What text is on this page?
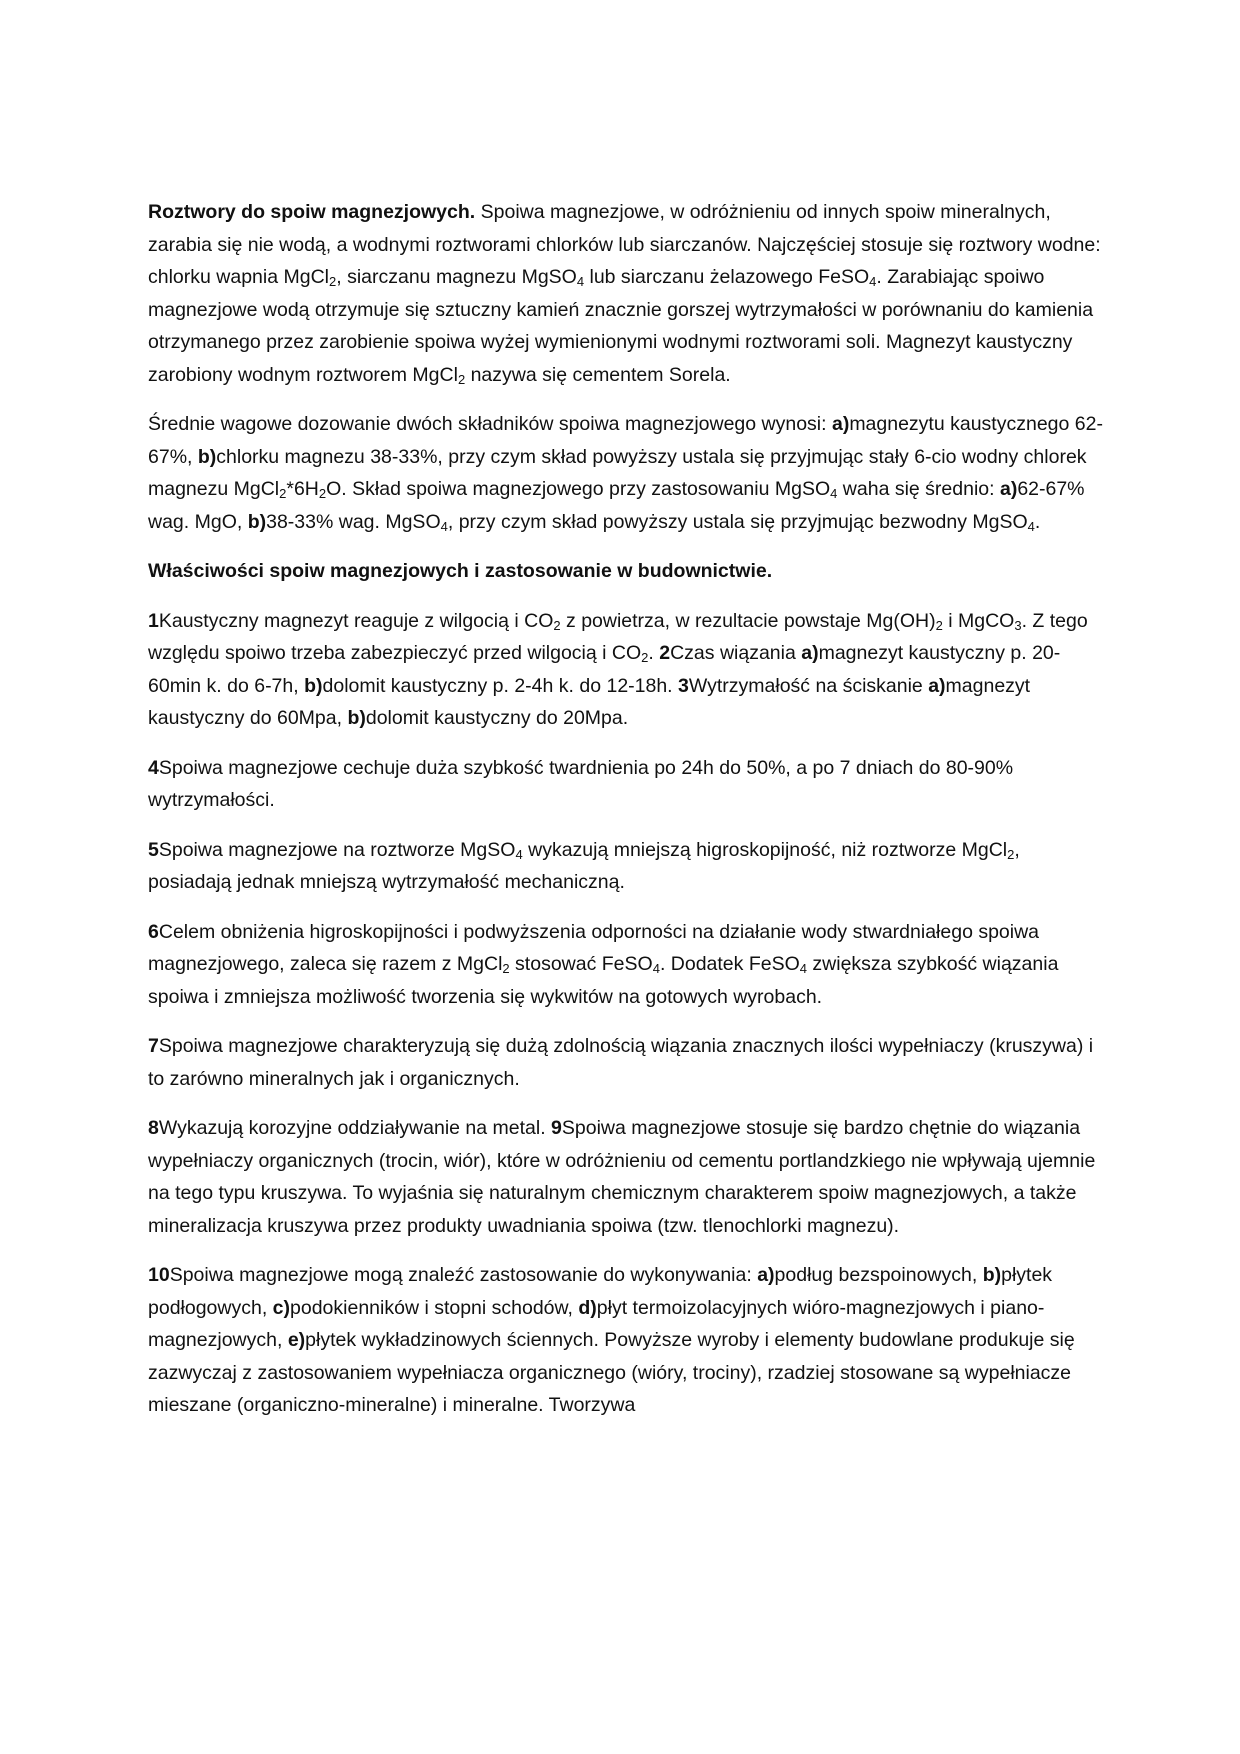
Roztwory do spoiw magnezjowych. Spoiwa magnezjowe, w odróżnieniu od innych spoiw mineralnych, zarabia się nie wodą, a wodnymi roztworami chlorków lub siarczanów. Najczęściej stosuje się roztwory wodne: chlorku wapnia MgCl$_2$, siarczanu magnezu MgSO$_4$ lub siarczanu żelazowego FeSO$_4$. Zarabiając spoiwo magnezjowe wodą otrzymuje się sztuczny kamień znacznie gorszej wytrzymałości w porównaniu do kamienia otrzymanego przez zarobienie spoiwa wyżej wymienionymi wodnymi roztworami soli. Magnezyt kaustyczny zarobiony wodnym roztworem MgCl$_2$ nazywa się cementem Sorela.

Średnie wagowe dozowanie dwóch składników spoiwa magnezjowego wynosi: a)magnezytu kaustycznego 62-67%, b)chlorku magnezu 38-33%, przy czym skład powyższy ustala się przyjmując stały 6-cio wodny chlorek magnezu $MgCl_2*6H_2O$. Skład spoiwa magnezjowego przy zastosowaniu MgSO$_4$ waha się średnio: a)62-67% wag. MgO, b)38-33% wag. MgSO$_4$, przy czym skład powyższy ustala się przyjmując bezwodny MgSO$_4$.

Właściwości spoiw magnezjowych i zastosowanie w budownictwie.

1Kaustyczny magnezyt reaguje z wilgocią i $CO_2$ z powietrza, w rezultacie powstaje $Mg(OH)_2$ i MgCO$_3$. Z tego względu spoiwo trzeba zabezpieczyć przed wilgocią i $CO_2$. 2Czas wiązania a)magnezyt kaustyczny p. 20-60min k. do 6-7h, b)dolomit kaustyczny p. 2-4h k. do 12-18h. 3Wytrzymałość na ściskanie a)magnezyt kaustyczny do 60Mpa, b)dolomit kaustyczny do 20Mpa.

4Spoiwa magnezjowe cechuje duża szybkość twardnienia po 24h do 50%, a po 7 dniach do 80-90% wytrzymałości.

5Spoiwa magnezjowe na roztworze MgSO$_4$ wykazują mniejszą higroskopijność, niż roztworze MgCl$_2$, posiadają jednak mniejszą wytrzymałość mechaniczną.

6Celem obniżenia higroskopijności i podwyższenia odporności na działanie wody stwardniałego spoiwa magnezjowego, zaleca się razem z MgCl$_2$ stosować FeSO$_4$. Dodatek FeSO$_4$ zwiększa szybkość wiązania spoiwa i zmniejsza możliwość tworzenia się wykwitów na gotowych wyrobach.

7Spoiwa magnezjowe charakteryzują się dużą zdolnością wiązania znacznych ilości wypełniaczy (kruszywa) i to zarówno mineralnych jak i organicznych.

8Wykazują korozyjne oddziaływanie na metal. 9Spoiwa magnezjowe stosuje się bardzo chętnie do wiązania wypełniaczy organicznych (trocin, wiór), które w odróżnieniu od cementu portlandzkiego nie wpływają ujemnie na tego typu kruszywa. To wyjaśnia się naturalnym chemicznym charakterem spoiw magnezjowych, a także mineralizacja kruszywa przez produkty uwadniania spoiwa (tzw. tlenochlorki magnezu).

10Spoiwa magnezjowe mogą znaleźć zastosowanie do wykonywania: a)podług bezspoinowych, b)płytek podłogowych, c)podokienników i stopni schodów, d)płyt termoizolacyjnych wióro-magnezjowych i piano-magnezjowych, e)płytek wykładzinowych ściennych. Powyższe wyroby i elementy budowlane produkuje się zazwyczaj z zastosowaniem wypełniacza organicznego (wióry, trociny), rzadziej stosowane są wypełniacze mieszane (organiczno-mineralne) i mineralne. Tworzywa
